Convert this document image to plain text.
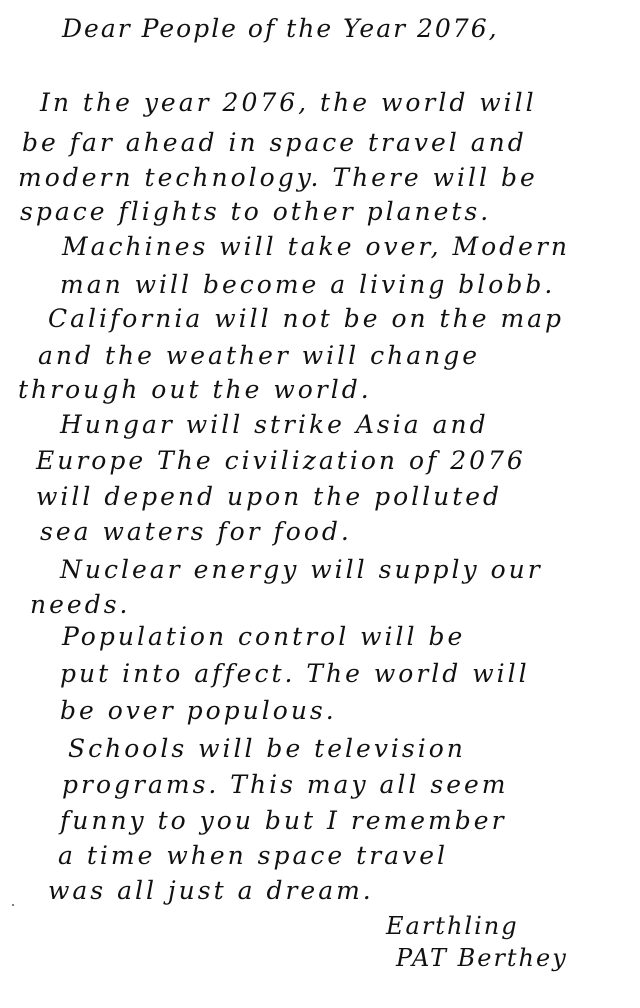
Dear People of the Year 2076,
In the year 2076, the world will
be far ahead in space travel and
modern technology. There will be
space flights to other planets.
Machines will take over, Modern
man will become a living blobb.
California will not be on the map
and the weather will change
through out the world.
Hungar will strike Asia and
Europe The civilization of 2076
will depend upon the polluted
sea waters for food.
Nuclear energy will supply our
needs.
Population control will be
put into affect. The world will
be over populous.
Schools will be television
programs. This may all seem
funny to you but I remember
a time when space travel
was all just a dream.
Earthling
PAT Berthey
